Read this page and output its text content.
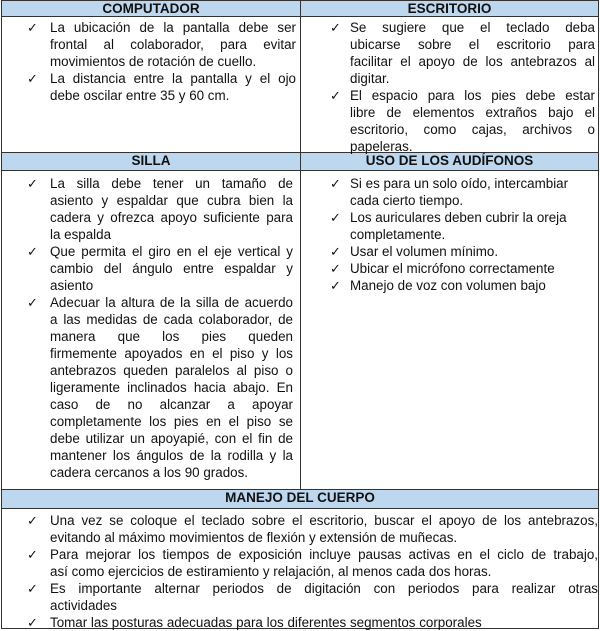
COMPUTADOR	ESCRITORIO
SILLA	USO DE LOS AUDÍFONOS
MANEJO DEL CUERPO
✓ La ubicación de la pantalla debe ser
frontal al colaborador, para evitar
movimientos de rotación de cuello.
✓ La distancia entre la pantalla y el ojo
debe oscilar entre 35 y 60 cm.
✓ Se sugiere que el teclado deba
ubicarse sobre el escritorio para
facilitar el apoyo de los antebrazos al
digitar.
✓ El espacio para los pies debe estar
libre de elementos extraños bajo el
escritorio, como cajas, archivos o
papeleras.
✓ La silla debe tener un tamaño de
asiento y espaldar que cubra bien la
cadera y ofrezca apoyo suficiente para
la espalda
✓ Que permita el giro en el eje vertical y
cambio del ángulo entre espaldar y
asiento
✓ Adecuar la altura de la silla de acuerdo
a las medidas de cada colaborador, de
manera que los pies queden
firmemente apoyados en el piso y los
antebrazos queden paralelos al piso o
ligeramente inclinados hacia abajo. En
caso de no alcanzar a apoyar
completamente los pies en el piso se
debe utilizar un apoyapié, con el fin de
mantener los ángulos de la rodilla y la
cadera cercanos a los 90 grados.
✓ Si es para un solo oído, intercambiar
cada cierto tiempo.
✓ Los auriculares deben cubrir la oreja
completamente.
✓ Usar el volumen mínimo.
✓ Ubicar el micrófono correctamente
✓ Manejo de voz con volumen bajo
✓ Una vez se coloque el teclado sobre el escritorio, buscar el apoyo de los antebrazos,
evitando al máximo movimientos de flexión y extensión de muñecas.
✓ Para mejorar los tiempos de exposición incluye pausas activas en el ciclo de trabajo,
así como ejercicios de estiramiento y relajación, al menos cada dos horas.
✓ Es importante alternar periodos de digitación con periodos para realizar otras
actividades
✓ Tomar las posturas adecuadas para los diferentes segmentos corporales
